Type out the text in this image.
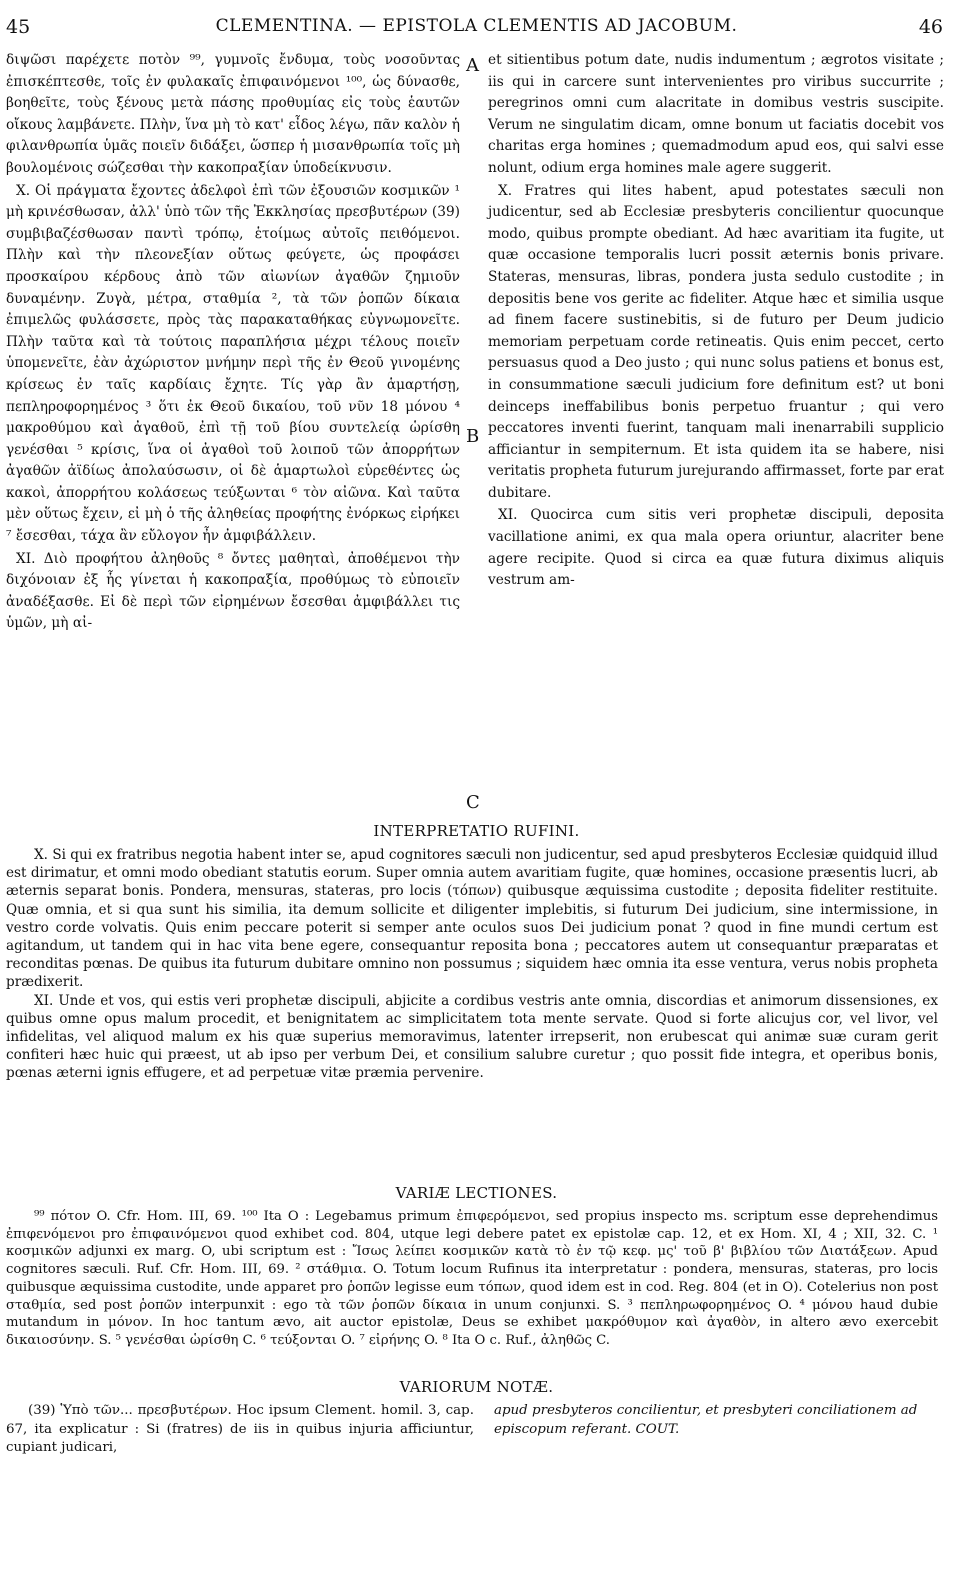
45	CLEMENTINA. — EPISTOLA CLEMENTIS AD JACOBUM.	46

διψῶσι παρέχετε ποτὸν ⁹⁹, γυμνοῖς ἔνδυμα, τοὺς νοσοῦντας ἐπισκέπτεσθε, τοῖς ἐν φυλακαῖς ἐπιφαινόμενοι ¹⁰⁰, ὡς δύνασθε, βοηθεῖτε, τοὺς ξένους μετὰ πάσης προθυμίας εἰς τοὺς ἑαυτῶν οἴκους λαμβάνετε. Πλὴν, ἵνα μὴ τὸ κατ' εἶδος λέγω, πᾶν καλὸν ἡ φιλανθρωπία ὑμᾶς ποιεῖν διδάξει, ὥσπερ ἡ μισανθρωπία τοῖς μὴ βουλομένοις σώζεσθαι τὴν κακοπραξίαν ὑποδείκνυσιν.

X. Οἱ πράγματα ἔχοντες ἀδελφοὶ ἐπὶ τῶν ἐξουσιῶν κοσμικῶν ¹ μὴ κρινέσθωσαν, ἀλλ' ὑπὸ τῶν τῆς Ἐκκλησίας πρεσβυτέρων (39) συμβιβαζέσθωσαν παντὶ τρόπῳ, ἑτοίμως αὐτοῖς πειθόμενοι. Πλὴν καὶ τὴν πλεονεξίαν οὕτως φεύγετε, ὡς προφάσει προσκαίρου κέρδους ἀπὸ τῶν αἰωνίων ἀγαθῶν ζημιοῦν δυναμένην. Ζυγὰ, μέτρα, σταθμία ², τὰ τῶν ῥοπῶν δίκαια ἐπιμελῶς φυλάσσετε, πρὸς τὰς παρακαταθήκας εὐγνωμονεῖτε. Πλὴν ταῦτα καὶ τὰ τούτοις παραπλήσια μέχρι τέλους ποιεῖν ὑπομενεῖτε, ἐὰν ἀχώριστον μνήμην περὶ τῆς ἐν Θεοῦ γινομένης κρίσεως ἐν ταῖς καρδίαις ἔχητε. Τίς γὰρ ἂν ἁμαρτήσῃ, πεπληροφορημένος ³ ὅτι ἐκ Θεοῦ δικαίου, τοῦ νῦν 18 μόνου ⁴ μακροθύμου καὶ ἀγαθοῦ, ἐπὶ τῇ τοῦ βίου συντελείᾳ ὡρίσθη γενέσθαι ⁵ κρίσις, ἵνα οἱ ἀγαθοὶ τοῦ λοιποῦ τῶν ἀπορρήτων ἀγαθῶν ἀϊδίως ἀπολαύσωσιν, οἱ δὲ ἁμαρτωλοὶ εὑρεθέντες ὡς κακοὶ, ἀπορρήτου κολάσεως τεύξωνται ⁶ τὸν αἰῶνα. Καὶ ταῦτα μὲν οὕτως ἔχειν, εἰ μὴ ὁ τῆς ἀληθείας προφήτης ἐνόρκως εἰρήκει ⁷ ἔσεσθαι, τάχα ἂν εὔλογον ἦν ἀμφιβάλλειν.

XI. Διὸ προφήτου ἀληθοῦς ⁸ ὄντες μαθηταὶ, ἀποθέμενοι τὴν διχόνοιαν ἐξ ἧς γίνεται ἡ κακοπραξία, προθύμως τὸ εὐποιεῖν ἀναδέξασθε. Εἰ δὲ περὶ τῶν εἰρημένων ἔσεσθαι ἀμφιβάλλει τις ὑμῶν, μὴ αἰ-

A
B
C

et sitientibus potum date, nudis indumentum ; ægrotos visitate ; iis qui in carcere sunt intervenientes pro viribus succurrite ; peregrinos omni cum alacritate in domibus vestris suscipite. Verum ne singulatim dicam, omne bonum ut faciatis docebit vos charitas erga homines ; quemadmodum apud eos, qui salvi esse nolunt, odium erga homines male agere suggerit.

X. Fratres qui lites habent, apud potestates sæculi non judicentur, sed ab Ecclesiæ presbyteris concilientur quocunque modo, quibus prompte obediant. Ad hæc avaritiam ita fugite, ut quæ occasione temporalis lucri possit æternis bonis privare. Stateras, mensuras, libras, pondera justa sedulo custodite ; in depositis bene vos gerite ac fideliter. Atque hæc et similia usque ad finem facere sustinebitis, si de futuro per Deum judicio memoriam perpetuam corde retineatis. Quis enim peccet, certo persuasus quod a Deo justo ; qui nunc solus patiens et bonus est, in consummatione sæculi judicium fore definitum est? ut boni deinceps ineffabilibus bonis perpetuo fruantur ; qui vero peccatores inventi fuerint, tanquam mali inenarrabili supplicio afficiantur in sempiternum. Et ista quidem ita se habere, nisi veritatis propheta futurum jurejurando affirmasset, forte par erat dubitare.

XI. Quocirca cum sitis veri prophetæ discipuli, deposita vacillatione animi, ex qua mala opera oriuntur, alacriter bene agere recipite. Quod si circa ea quæ futura diximus aliquis vestrum am-

INTERPRETATIO RUFINI.

X. Si qui ex fratribus negotia habent inter se, apud cognitores sæculi non judicentur, sed apud presbyteros Ecclesiæ quidquid illud est dirimatur, et omni modo obediant statutis eorum. Super omnia autem avaritiam fugite, quæ homines, occasione præsentis lucri, ab æternis separat bonis. Pondera, mensuras, stateras, pro locis (τόπων) quibusque æquissima custodite ; deposita fideliter restituite. Quæ omnia, et si qua sunt his similia, ita demum sollicite et diligenter implebitis, si futurum Dei judicium, sine intermissione, in vestro corde volvatis. Quis enim peccare poterit si semper ante oculos suos Dei judicium ponat ? quod in fine mundi certum est agitandum, ut tandem qui in hac vita bene egere, consequantur reposita bona ; peccatores autem ut consequantur præparatas et reconditas pœnas. De quibus ita futurum dubitare omnino non possumus ; siquidem hæc omnia ita esse ventura, verus nobis propheta prædixerit.

XI. Unde et vos, qui estis veri prophetæ discipuli, abjicite a cordibus vestris ante omnia, discordias et animorum dissensiones, ex quibus omne opus malum procedit, et benignitatem ac simplicitatem tota mente servate. Quod si forte alicujus cor, vel livor, vel infidelitas, vel aliquod malum ex his quæ superius memoravimus, latenter irrepserit, non erubescat qui animæ suæ curam gerit confiteri hæc huic qui præest, ut ab ipso per verbum Dei, et consilium salubre curetur ; quo possit fide integra, et operibus bonis, pœnas æterni ignis effugere, et ad perpetuæ vitæ præmia pervenire.

VARIÆ LECTIONES.

⁹⁹ πότον O. Cfr. Hom. III, 69. ¹⁰⁰ Ita O : Legebamus primum ἐπιφερόμενοι, sed propius inspecto ms. scriptum esse deprehendimus ἐπιφενόμενοι pro ἐπιφαινόμενοι quod exhibet cod. 804, utque legi debere patet ex epistolæ cap. 12, et ex Hom. XI, 4 ; XII, 32. C. ¹ κοσμικῶν adjunxi ex marg. O, ubi scriptum est : Ἴσως λείπει κοσμικῶν κατὰ τὸ ἐν τῷ κεφ. μς' τοῦ β' βιβλίου τῶν Διατάξεων. Apud cognitores sæculi. Ruf. Cfr. Hom. III, 69. ² στάθμια. O. Totum locum Rufinus ita interpretatur : pondera, mensuras, stateras, pro locis quibusque æquissima custodite, unde apparet pro ῥοπῶν legisse eum τόπων, quod idem est in cod. Reg. 804 (et in O). Cotelerius non post σταθμία, sed post ῥοπῶν interpunxit : ego τὰ τῶν ῥοπῶν δίκαια in unum conjunxi. S. ³ πεπληρωφορημένος O. ⁴ μόνου haud dubie mutandum in μόνον. In hoc tantum ævo, ait auctor epistolæ, Deus se exhibet μακρόθυμον καὶ ἀγαθὸν, in altero ævo exercebit δικαιοσύνην. S. ⁵ γενέσθαι ὡρίσθη C. ⁶ τεύξονται O. ⁷ εἰρήνης O. ⁸ Ita O c. Ruf., ἀληθῶς C.

VARIORUM NOTÆ.

(39) Ὑπὸ τῶν... πρεσβυτέρων. Hoc ipsum Clement. homil. 3, cap. 67, ita explicatur : Si (fratres) de iis in quibus injuria afficiuntur, cupiant judicari,

apud presbyteros concilientur, et presbyteri conciliationem ad episcopum referant. COUT.
